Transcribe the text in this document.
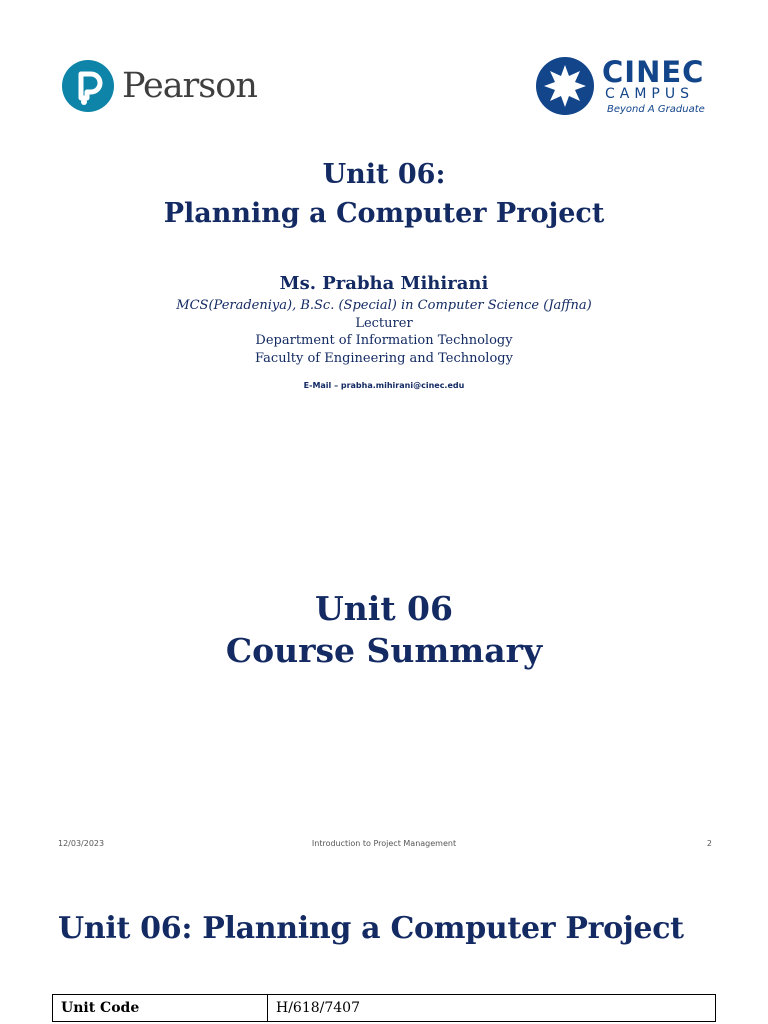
Pearson	CINEC
CAMPUS
Beyond A Graduate
Unit 06:
Planning a Computer Project
Ms. Prabha Mihirani
MCS(Peradeniya), B.Sc. (Special) in Computer Science (Jaffna)
Lecturer
Department of Information Technology
Faculty of Engineering and Technology
E-Mail – prabha.mihirani@cinec.edu
Unit 06
Course Summary
12/03/2023	Introduction to Project Management	2
Unit 06: Planning a Computer Project
Unit Code	H/618/7407
